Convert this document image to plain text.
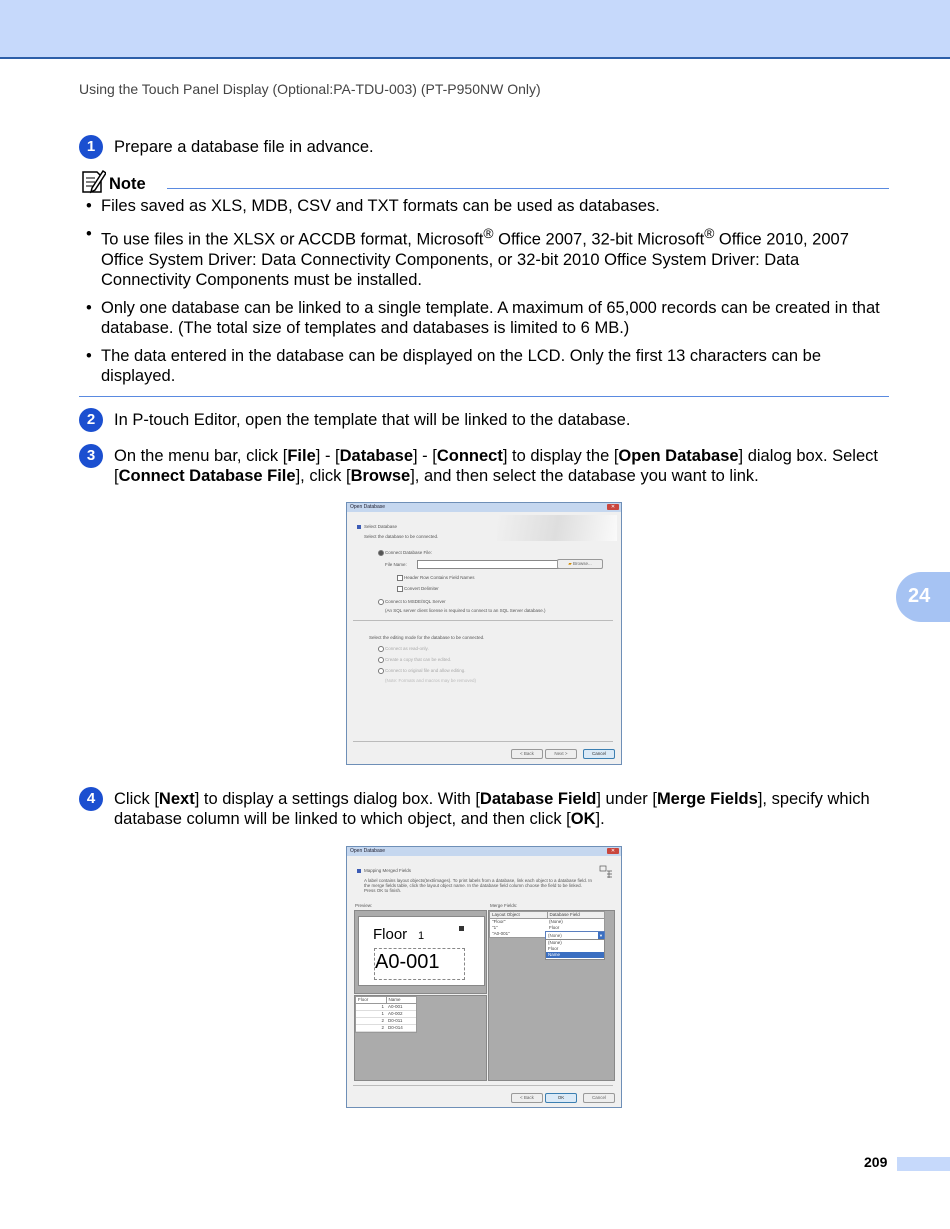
Using the Touch Panel Display (Optional:PA-TDU-003) (PT-P950NW Only)
1	Prepare a database file in advance.
Note
• Files saved as XLS, MDB, CSV and TXT formats can be used as databases.
• To use files in the XLSX or ACCDB format, Microsoft® Office 2007, 32-bit Microsoft® Office 2010, 2007 Office System Driver: Data Connectivity Components, or 32-bit 2010 Office System Driver: Data Connectivity Components must be installed.
• Only one database can be linked to a single template. A maximum of 65,000 records can be created in that database. (The total size of templates and databases is limited to 6 MB.)
• The data entered in the database can be displayed on the LCD. Only the first 13 characters can be displayed.
2	In P-touch Editor, open the template that will be linked to the database.
3	On the menu bar, click [File] - [Database] - [Connect] to display the [Open Database] dialog box. Select [Connect Database File], click [Browse], and then select the database you want to link.
Open Database	✕
Select Database
Select the database to be connected.
Connect Database File:
File Name:	▰ Browse...
Header Row Contains Field Names
Convert Delimiter
Connect to MSDE/SQL Server
(An SQL server client license is required to connect to an SQL Server database.)
Select the editing mode for the database to be connected.
Connect as read-only.
Create a copy that can be edited.
Connect to original file and allow editing.
(Note: Formats and macros may be removed)
< Back	Next >	Cancel
4	Click [Next] to display a settings dialog box. With [Database Field] under [Merge Fields], specify which database column will be linked to which object, and then click [OK].
Open Database	✕
Mapping Merged Fields
A label contains layout objects(text/images). To print labels from a database, link each object to a database field. In the merge fields table, click the layout object name. In the database field column choose the field to be linked. Press OK to finish.
Preview:	Merge Fields:
Floor 1
A0-001
Floor	Name
1 A0-001
1 A0-002
2 D0-011
2 D0-014
Layout Object	Database Field
"Floor"	(None)
"1"	Floor
"A0-001"	(None)	▼
(None)
Floor
Name
< Back	OK	Cancel
24
209
